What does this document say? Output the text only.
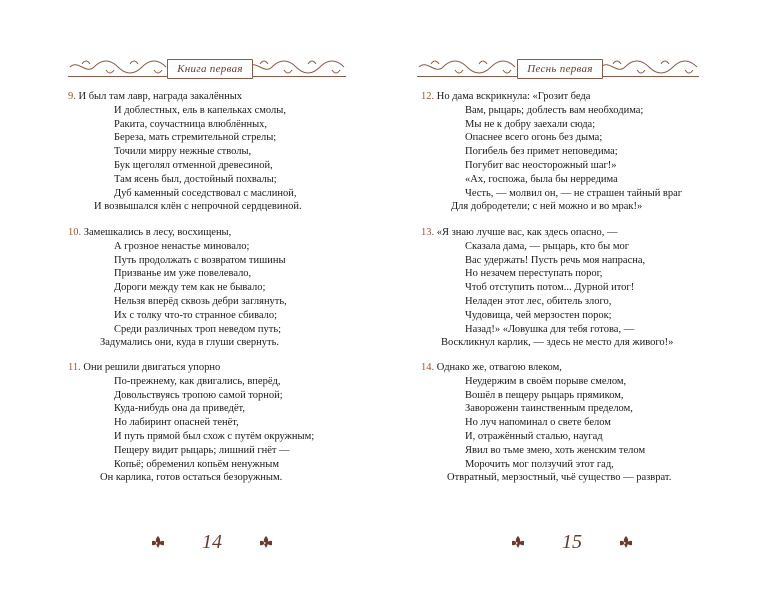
Книга первая
9. И был там лавр, награда закалённых
И доблестных, ель в капельках смолы,
Ракита, соучастница влюблённых,
Береза, мать стремительной стрелы;
Точили мирру нежные стволы,
Бук щеголял отменной древесиной,
Там ясень был, достойный похвалы;
Дуб каменный соседствовал с маслиной,
И возвышался клён с непрочной сердцевиной.
10. Замешкались в лесу, восхищены,
А грозное ненастье миновало;
Путь продолжать с возвратом тишины
Призванье им уже повелевало,
Дороги между тем как не бывало;
Нельзя вперёд сквозь дебри заглянуть,
Их с толку что-то странное сбивало;
Среди различных троп неведом путь;
Задумались они, куда в глуши свернуть.
11. Они решили двигаться упорно
По-прежнему, как двигались, вперёд,
Довольствуясь тропою самой торной;
Куда-нибудь она да приведёт,
Но лабиринт опасней тенёт,
И путь прямой был схож с путём окружным;
Пещеру видит рыцарь; лишний гнёт —
Копьё; обременил копьём ненужным
Он карлика, готов остаться безоружным.
14
Песнь первая
12. Но дама вскрикнула: «Грозит беда
Вам, рыцарь; доблесть вам необходима;
Мы не к добру заехали сюда;
Опаснее всего огонь без дыма;
Погибель без примет неповедима;
Погубит вас неосторожный шаг!»
«Ах, госпожа, была бы нерредима
Честь, — молвил он, — не страшен тайный враг
Для добродетели; с ней можно и во мрак!»
13. «Я знаю лучше вас, как здесь опасно, —
Сказала дама, — рыцарь, кто бы мог
Вас удержать! Пусть речь моя напрасна,
Но незачем переступать порог,
Чтоб отступить потом... Дурной итог!
Неладен этот лес, обитель злого,
Чудовища, чей мерзостен порок;
Назад!» «Ловушка для тебя готова, —
Воскликнул карлик, — здесь не место для живого!»
14. Однако же, отвагою влеком,
Неудержим в своём порыве смелом,
Вошёл в пещеру рыцарь прямиком,
Завороженн таинственным пределом,
Но луч напоминал о свете белом
И, отражённый сталью, наугад
Явил во тьме змею, хоть женским телом
Морочить мог ползучий этот гад,
Отвратный, мерзостный, чьё существо — разврат.
15
